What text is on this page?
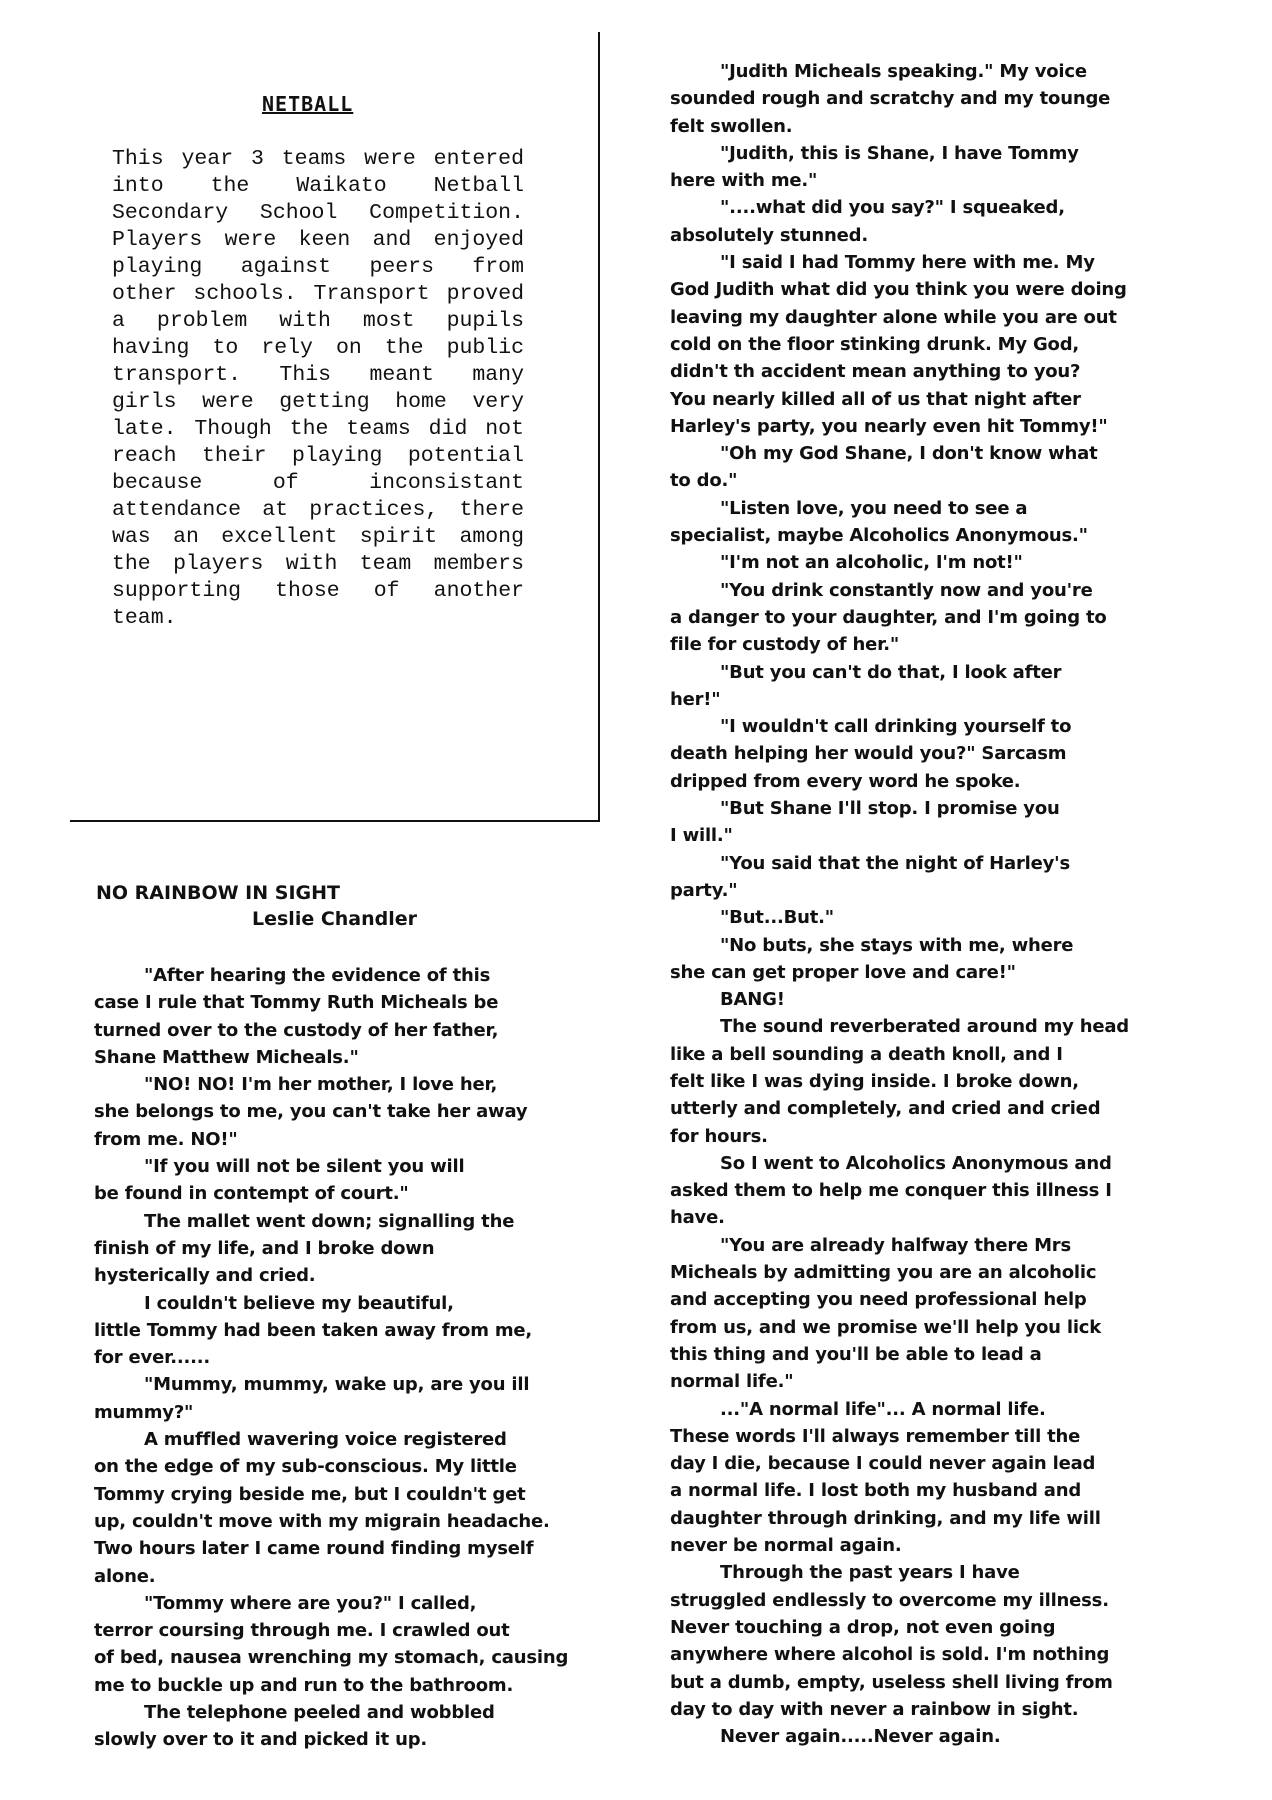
NETBALL

This year 3 teams were entered into the Waikato Netball Secondary School Competition. Players were keen and enjoyed playing against peers from other schools. Transport proved a problem with most pupils having to rely on the public transport. This meant many girls were getting home very late. Though the teams did not reach their playing potential because of inconsistant attendance at practices, there was an excellent spirit among the players with team members supporting those of another team.

NO RAINBOW IN SIGHT
Leslie Chandler

"After hearing the evidence of this
case I rule that Tommy Ruth Micheals be
turned over to the custody of her father,
Shane Matthew Micheals."

"NO! NO! I'm her mother, I love her,
she belongs to me, you can't take her away
from me. NO!"

"If you will not be silent you will
be found in contempt of court."

The mallet went down; signalling the
finish of my life, and I broke down
hysterically and cried.

I couldn't believe my beautiful,
little Tommy had been taken away from me,
for ever......

"Mummy, mummy, wake up, are you ill
mummy?"

A muffled wavering voice registered
on the edge of my sub-conscious. My little
Tommy crying beside me, but I couldn't get
up, couldn't move with my migrain headache.
Two hours later I came round finding myself
alone.

"Tommy where are you?" I called,
terror coursing through me. I crawled out
of bed, nausea wrenching my stomach, causing
me to buckle up and run to the bathroom.

The telephone peeled and wobbled
slowly over to it and picked it up.

"Judith Micheals speaking." My voice
sounded rough and scratchy and my tounge
felt swollen.

"Judith, this is Shane, I have Tommy
here with me."

"....what did you say?" I squeaked,
absolutely stunned.

"I said I had Tommy here with me. My
God Judith what did you think you were doing
leaving my daughter alone while you are out
cold on the floor stinking drunk. My God,
didn't th accident mean anything to you?
You nearly killed all of us that night after
Harley's party, you nearly even hit Tommy!"

"Oh my God Shane, I don't know what
to do."

"Listen love, you need to see a
specialist, maybe Alcoholics Anonymous."

"I'm not an alcoholic, I'm not!"

"You drink constantly now and you're
a danger to your daughter, and I'm going to
file for custody of her."

"But you can't do that, I look after
her!"

"I wouldn't call drinking yourself to
death helping her would you?" Sarcasm
dripped from every word he spoke.

"But Shane I'll stop. I promise you
I will."

"You said that the night of Harley's
party."

"But...But."

"No buts, she stays with me, where
she can get proper love and care!"

BANG!

The sound reverberated around my head
like a bell sounding a death knoll, and I
felt like I was dying inside. I broke down,
utterly and completely, and cried and cried
for hours.

So I went to Alcoholics Anonymous and
asked them to help me conquer this illness I
have.

"You are already halfway there Mrs
Micheals by admitting you are an alcoholic
and accepting you need professional help
from us, and we promise we'll help you lick
this thing and you'll be able to lead a
normal life."

..."A normal life"... A normal life.
These words I'll always remember till the
day I die, because I could never again lead
a normal life. I lost both my husband and
daughter through drinking, and my life will
never be normal again.

Through the past years I have
struggled endlessly to overcome my illness.
Never touching a drop, not even going
anywhere where alcohol is sold. I'm nothing
but a dumb, empty, useless shell living from
day to day with never a rainbow in sight.

Never again.....Never again.
